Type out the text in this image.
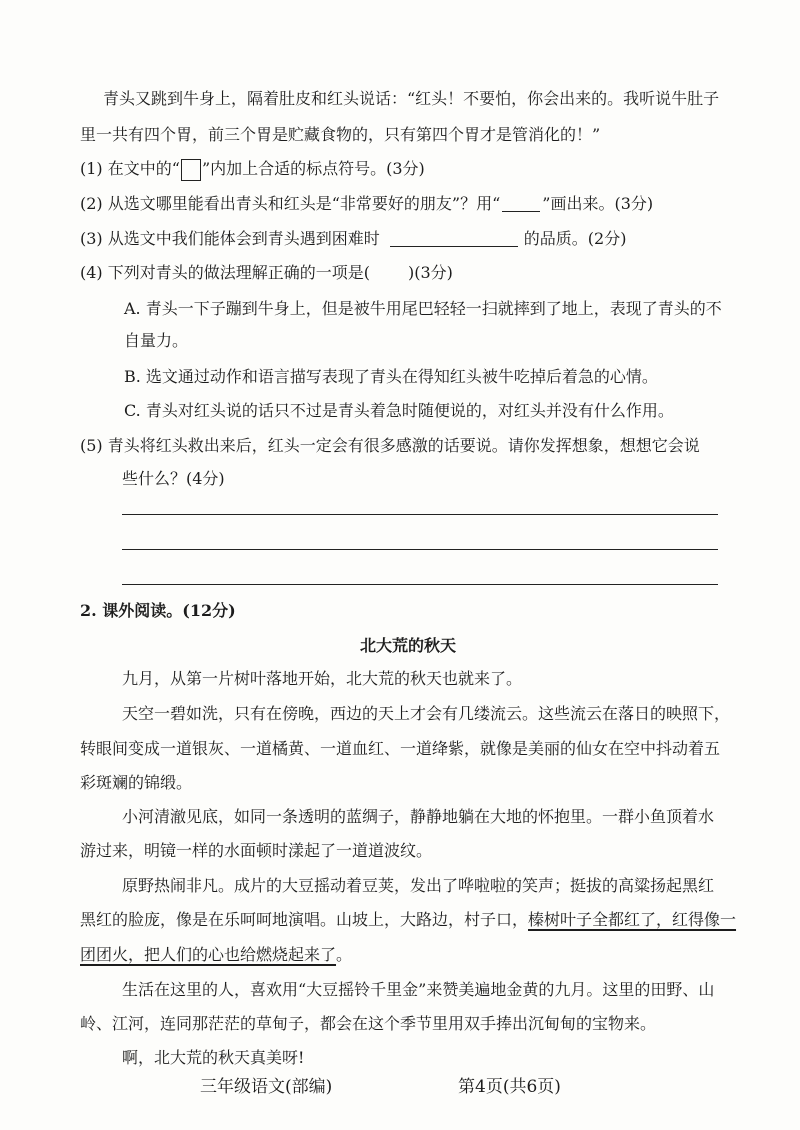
青头又跳到牛身上，隔着肚皮和红头说话：“红头！不要怕，你会出来的。我听说牛肚子
里一共有四个胃，前三个胃是贮藏食物的，只有第四个胃才是管消化的！”
(1) 在文中的“ ”内加上合适的标点符号。(3分)
(2) 从选文哪里能看出青头和红头是“非常要好的朋友”？用“	”画出来。(3分)
(3) 从选文中我们能体会到青头遇到困难时	的品质。(2分)
(4) 下列对青头的做法理解正确的一项是( )(3分)
A. 青头一下子蹦到牛身上，但是被牛用尾巴轻轻一扫就摔到了地上，表现了青头的不
自量力。
B. 选文通过动作和语言描写表现了青头在得知红头被牛吃掉后着急的心情。
C. 青头对红头说的话只不过是青头着急时随便说的，对红头并没有什么作用。
(5) 青头将红头救出来后，红头一定会有很多感激的话要说。请你发挥想象，想想它会说
些什么？(4分)
2. 课外阅读。(12分)
北大荒的秋天
九月，从第一片树叶落地开始，北大荒的秋天也就来了。
天空一碧如洗，只有在傍晚，西边的天上才会有几缕流云。这些流云在落日的映照下，
转眼间变成一道银灰、一道橘黄、一道血红、一道绛紫，就像是美丽的仙女在空中抖动着五
彩斑斓的锦缎。
小河清澈见底，如同一条透明的蓝绸子，静静地躺在大地的怀抱里。一群小鱼顶着水
游过来，明镜一样的水面顿时漾起了一道道波纹。
原野热闹非凡。成片的大豆摇动着豆荚，发出了哗啦啦的笑声；挺拔的高粱扬起黑红
黑红的脸庞，像是在乐呵呵地演唱。山坡上，大路边，村子口，榛树叶子全都红了，红得像一
团团火，把人们的心也给燃烧起来了。
生活在这里的人，喜欢用“大豆摇铃千里金”来赞美遍地金黄的九月。这里的田野、山
岭、江河，连同那茫茫的草甸子，都会在这个季节里用双手捧出沉甸甸的宝物来。
啊，北大荒的秋天真美呀!
三年级语文(部编)	第4页(共6页)
